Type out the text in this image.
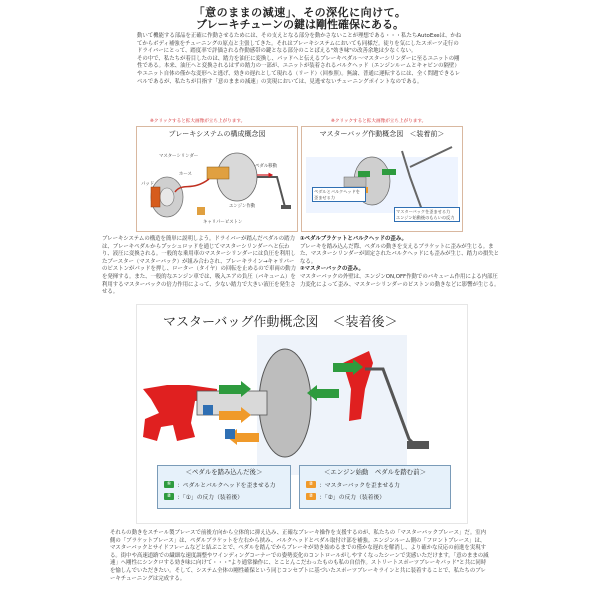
「意のままの減速」、その深化に向けて。
ブレーキチューンの鍵は剛性確保にある。
動いて機能する部品を正確に作動させるためには、その支えとなる部分を動かさないことが理想である・・・私たちAutoExeは、かねてからボディ補強をチューニングの原点と主張してきた。それはブレーキシステムにおいても同様だ。徒りを気にしたスポーツ走行のドライバーにとって、踏度率で評価される作動感帯の鍵となる部分のことばえる"効き味"の改善余地は少なくない。
その中で、私たちが着目したのは、踏力を油圧に変換し、パッドへと伝えるブレーキペダル〜マスターシリンダーに至るユニットの剛性である。本来、油圧へと変換されるはずの踏力の一部が、ユニットが装着されるバルクヘッド（エンジンルームとキャビンの隔壁）やユニット自体の僅かな変形へと逃げ、効きの遅れとして現れる（リード）（回参照）。無論、普通に運転するには、全く問題できるレベルであるが、私たちが目指す「意のままの減速」の実現においては、見逃せないチューニングポイントなのである。
※クリックすると拡大画像が立ち上がります。	※クリックすると拡大画像が立ち上がります。
ブレーキシステムの構成概念図
マスターシリンダー
ホース
ペダル移動
パッド
エンジン作動
キャリパーピストン
マスターバッグ作動概念図 ＜装着前＞
ペダルとバルクヘッドを歪ませる力
マスターバックを歪ませる力
エンジン始動後のもらいの反力
ブレーキシステムの構造を簡単に説明しよう。ドライバーが踏んだペダルの踏力は、ブレーキペダルからプッシュロッドを通じてマスターシリンダーへと伝わり、液圧に変換される。一般的な乗用車のマスターシリンダーには負圧を利用したブースター（マスターバック）が組み合わされ、ブレーキライン→キャリパーのピストンがパッドを押し、ローター（タイヤ）の回転を止めるので車両の動力を発揮する。また、一般的なエンジン車では、吸入エアの負圧（バキューム）を利用するマスターバックの倍力作用によって、少ない踏力で大きい液圧を発生させる。
①ペダルブラケットとバルクヘッドの歪み。
ブレーキを踏み込んだ際、ペダルの動きを支えるブラケットに歪みが生じる。また、マスターシリンダーが固定されたバルクヘッドにも歪みが生じ、踏力の損失となる。
②マスターバックの歪み。
マスターバックの外壁は、エンジンON,OFF作動でのバキューム作用による内部圧力変化によって歪み、マスターシリンダーのピストンの動きなどに影響が生じる。
マスターバッグ作動概念図 ＜装着後＞
＜ペダルを踏み込んだ後＞
①	：ペダルとバルクヘッドを歪ませる力
②	：「①」の反力（装着後）
＜エンジン始動　ペダルを踏む前＞
②	：マスターバックを歪ませる力
②	：「②」の反力（装着後）
それらの動きをスチール製ブレースで前後方向から立体的に抑え込み、正確なブレーキ操作を支援するのが、私たちの「マスターバックブレース」だ。室内側の「ブラケットブレース」は、ペダルブラケットを左右から挟み、バルクヘッドとペダル取付け部を補強。エンジンルーム側の「フロントブレース」は、マスターバックとサイドフレームなどと結ぶことで、ペダルを踏んでからブレーキが効き始めるまでの僅かな遅れを解消し、より確かな反応の前進を実現する。街中や高速道路での繊細な速度調整やワインディングコーナーでの姿勢変化のコントロールがしやすくなったシーンで実感いただけます。「意のままの減速」へ剛性にシンクロする効き味に向けて・・・"より通常操作に、とことんこだわったものも私の自信作。ストリートスポーツブレーキパッド"と共に同時を愉しんでいただきたい。そして、システム全体の剛性確保という同じコンセプトに基づいたスポーツブレーキラインと共に装着することで、私たちのブレーキチューニングは完成する。
